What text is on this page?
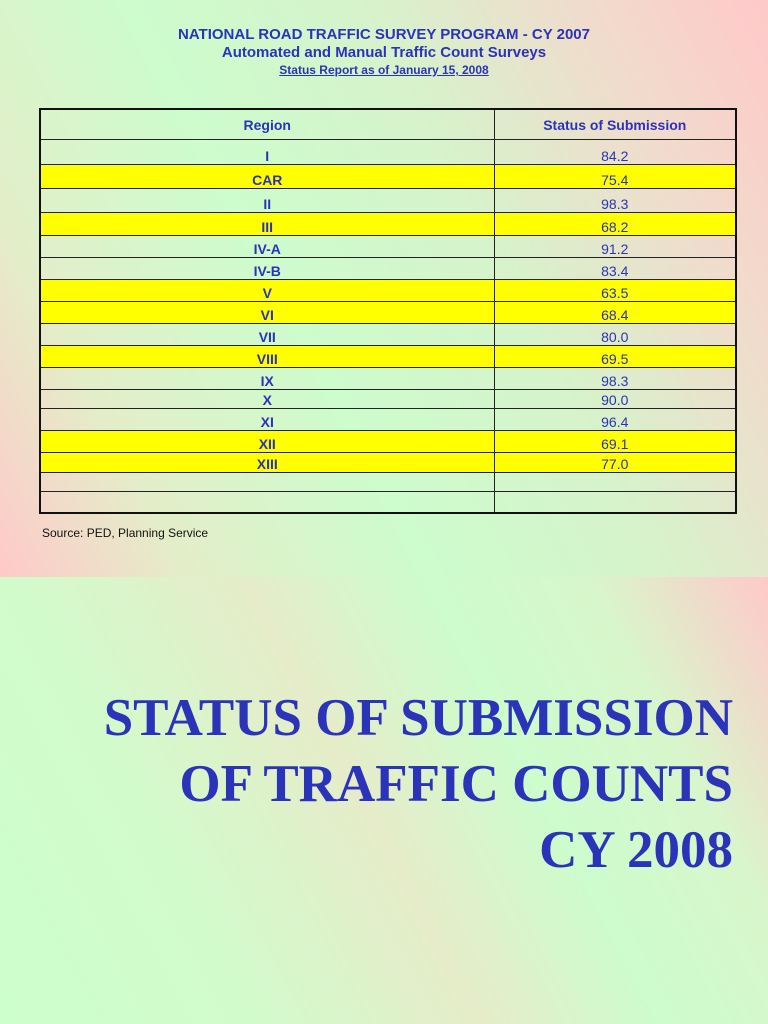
NATIONAL ROAD TRAFFIC SURVEY PROGRAM - CY 2007
Automated and Manual Traffic Count Surveys
Status Report as of January 15, 2008
Region	Status of Submission
I	84.2
CAR	75.4
II	98.3
III	68.2
IV-A	91.2
IV-B	83.4
V	63.5
VI	68.4
VII	80.0
VIII	69.5
IX	98.3
X	90.0
XI	96.4
XII	69.1
XIII	77.0

Source: PED, Planning Service
STATUS OF SUBMISSION
OF TRAFFIC COUNTS
CY 2008
